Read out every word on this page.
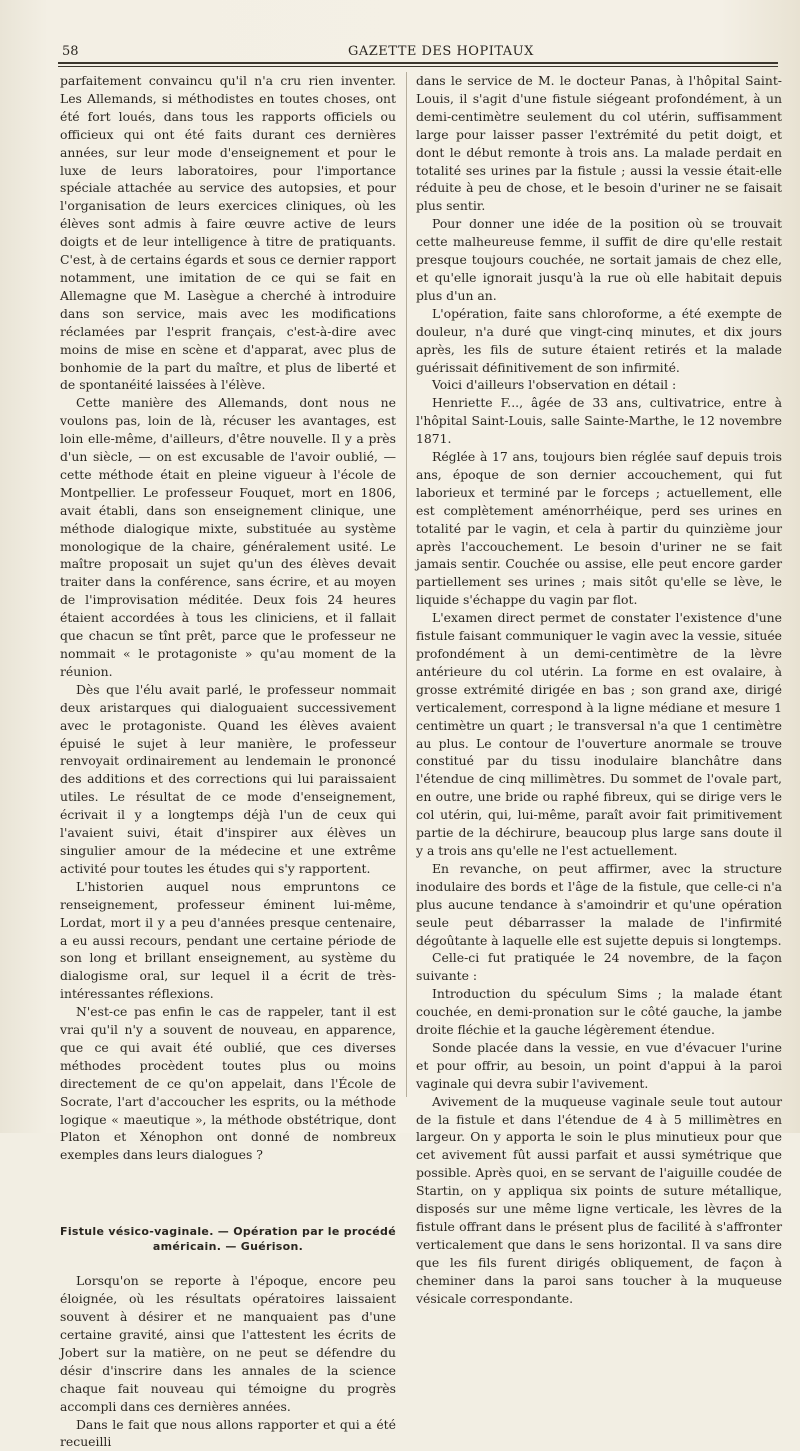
58	GAZETTE DES HOPITAUX

parfaitement convaincu qu'il n'a cru rien inventer. Les Allemands, si méthodistes en toutes choses, ont été fort loués, dans tous les rapports officiels ou officieux qui ont été faits durant ces dernières années, sur leur mode d'enseignement et pour le luxe de leurs laboratoires, pour l'importance spéciale attachée au service des autopsies, et pour l'organisation de leurs exercices cliniques, où les élèves sont admis à faire œuvre active de leurs doigts et de leur intelligence à titre de pratiquants. C'est, à de certains égards et sous ce dernier rapport notamment, une imitation de ce qui se fait en Allemagne que M. Lasègue a cherché à introduire dans son service, mais avec les modifications réclamées par l'esprit français, c'est-à-dire avec moins de mise en scène et d'apparat, avec plus de bonhomie de la part du maître, et plus de liberté et de spontanéité laissées à l'élève.

Cette manière des Allemands, dont nous ne voulons pas, loin de là, récuser les avantages, est loin elle-même, d'ailleurs, d'être nouvelle. Il y a près d'un siècle, — on est excusable de l'avoir oublié, — cette méthode était en pleine vigueur à l'école de Montpellier. Le professeur Fouquet, mort en 1806, avait établi, dans son enseignement clinique, une méthode dialogique mixte, substituée au système monologique de la chaire, généralement usité. Le maître proposait un sujet qu'un des élèves devait traiter dans la conférence, sans écrire, et au moyen de l'improvisation méditée. Deux fois 24 heures étaient accordées à tous les cliniciens, et il fallait que chacun se tînt prêt, parce que le professeur ne nommait « le protagoniste » qu'au moment de la réunion.

Dès que l'élu avait parlé, le professeur nommait deux aristarques qui dialoguaient successivement avec le protagoniste. Quand les élèves avaient épuisé le sujet à leur manière, le professeur renvoyait ordinairement au lendemain le prononcé des additions et des corrections qui lui paraissaient utiles. Le résultat de ce mode d'enseignement, écrivait il y a longtemps déjà l'un de ceux qui l'avaient suivi, était d'inspirer aux élèves un singulier amour de la médecine et une extrême activité pour toutes les études qui s'y rapportent.

L'historien auquel nous empruntons ce renseignement, professeur éminent lui-même, Lordat, mort il y a peu d'années presque centenaire, a eu aussi recours, pendant une certaine période de son long et brillant enseignement, au système du dialogisme oral, sur lequel il a écrit de très-intéressantes réflexions.

N'est-ce pas enfin le cas de rappeler, tant il est vrai qu'il n'y a souvent de nouveau, en apparence, que ce qui avait été oublié, que ces diverses méthodes procèdent toutes plus ou moins directement de ce qu'on appelait, dans l'École de Socrate, l'art d'accoucher les esprits, ou la méthode logique « maeutique », la méthode obstétrique, dont Platon et Xénophon ont donné de nombreux exemples dans leurs dialogues ?

Fistule vésico-vaginale. — Opération par le procédé
américain. — Guérison.

Lorsqu'on se reporte à l'époque, encore peu éloignée, où les résultats opératoires laissaient souvent à désirer et ne manquaient pas d'une certaine gravité, ainsi que l'attestent les écrits de Jobert sur la matière, on ne peut se défendre du désir d'inscrire dans les annales de la science chaque fait nouveau qui témoigne du progrès accompli dans ces dernières années.

Dans le fait que nous allons rapporter et qui a été recueilli

dans le service de M. le docteur Panas, à l'hôpital Saint-Louis, il s'agit d'une fistule siégeant profondément, à un demi-centimètre seulement du col utérin, suffisamment large pour laisser passer l'extrémité du petit doigt, et dont le début remonte à trois ans. La malade perdait en totalité ses urines par la fistule ; aussi la vessie était-elle réduite à peu de chose, et le besoin d'uriner ne se faisait plus sentir.

Pour donner une idée de la position où se trouvait cette malheureuse femme, il suffit de dire qu'elle restait presque toujours couchée, ne sortait jamais de chez elle, et qu'elle ignorait jusqu'à la rue où elle habitait depuis plus d'un an.

L'opération, faite sans chloroforme, a été exempte de douleur, n'a duré que vingt-cinq minutes, et dix jours après, les fils de suture étaient retirés et la malade guérissait définitivement de son infirmité.

Voici d'ailleurs l'observation en détail :

Henriette F..., âgée de 33 ans, cultivatrice, entre à l'hôpital Saint-Louis, salle Sainte-Marthe, le 12 novembre 1871.

Réglée à 17 ans, toujours bien réglée sauf depuis trois ans, époque de son dernier accouchement, qui fut laborieux et terminé par le forceps ; actuellement, elle est complètement aménorrhéique, perd ses urines en totalité par le vagin, et cela à partir du quinzième jour après l'accouchement. Le besoin d'uriner ne se fait jamais sentir. Couchée ou assise, elle peut encore garder partiellement ses urines ; mais sitôt qu'elle se lève, le liquide s'échappe du vagin par flot.

L'examen direct permet de constater l'existence d'une fistule faisant communiquer le vagin avec la vessie, située profondément à un demi-centimètre de la lèvre antérieure du col utérin. La forme en est ovalaire, à grosse extrémité dirigée en bas ; son grand axe, dirigé verticalement, correspond à la ligne médiane et mesure 1 centimètre un quart ; le transversal n'a que 1 centimètre au plus. Le contour de l'ouverture anormale se trouve constitué par du tissu inodulaire blanchâtre dans l'étendue de cinq millimètres. Du sommet de l'ovale part, en outre, une bride ou raphé fibreux, qui se dirige vers le col utérin, qui, lui-même, paraît avoir fait primitivement partie de la déchirure, beaucoup plus large sans doute il y a trois ans qu'elle ne l'est actuellement.

En revanche, on peut affirmer, avec la structure inodulaire des bords et l'âge de la fistule, que celle-ci n'a plus aucune tendance à s'amoindrir et qu'une opération seule peut débarrasser la malade de l'infirmité dégoûtante à laquelle elle est sujette depuis si longtemps.

Celle-ci fut pratiquée le 24 novembre, de la façon suivante :

Introduction du spéculum Sims ; la malade étant couchée, en demi-pronation sur le côté gauche, la jambe droite fléchie et la gauche légèrement étendue.

Sonde placée dans la vessie, en vue d'évacuer l'urine et pour offrir, au besoin, un point d'appui à la paroi vaginale qui devra subir l'avivement.

Avivement de la muqueuse vaginale seule tout autour de la fistule et dans l'étendue de 4 à 5 millimètres en largeur. On y apporta le soin le plus minutieux pour que cet avivement fût aussi parfait et aussi symétrique que possible. Après quoi, en se servant de l'aiguille coudée de Startin, on y appliqua six points de suture métallique, disposés sur une même ligne verticale, les lèvres de la fistule offrant dans le présent plus de facilité à s'affronter verticalement que dans le sens horizontal. Il va sans dire que les fils furent dirigés obliquement, de façon à cheminer dans la paroi sans toucher à la muqueuse vésicale correspondante.
